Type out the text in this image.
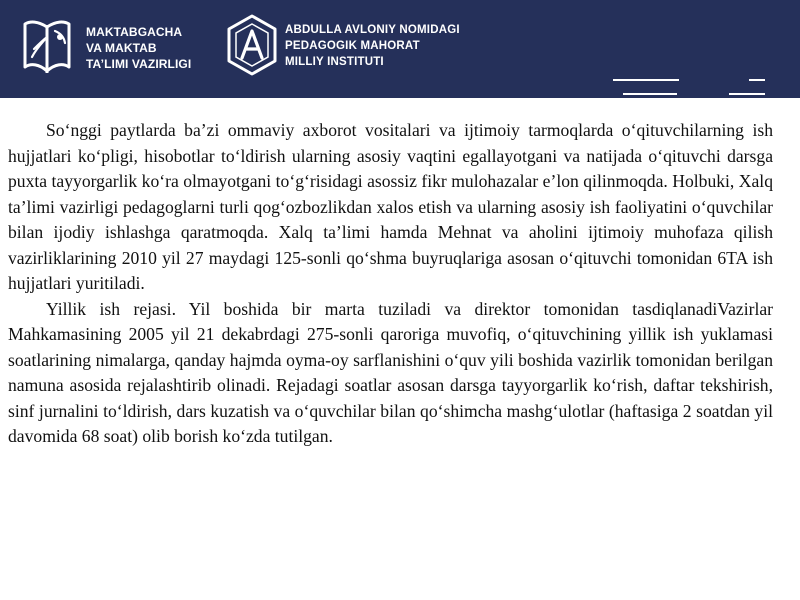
MAKTABGACHA
VA MAKTAB
TA’LIMI VAZIRLIGI
ABDULLA AVLONIY NOMIDAGI
PEDAGOGIK MAHORAT
MILLIY INSTITUTI

So‘nggi paytlarda ba’zi ommaviy axborot vositalari va ijtimoiy tarmoqlarda o‘qituvchilarning ish hujjatlari ko‘pligi, hisobotlar to‘ldirish ularning asosiy vaqtini egallayotgani va natijada o‘qituvchi darsga puxta tayyorgarlik ko‘ra olmayotgani to‘g‘risidagi asossiz fikr mulohazalar e’lon qilinmoqda. Holbuki, Xalq ta’limi vazirligi pedagoglarni turli qog‘ozbozlikdan xalos etish va ularning asosiy ish faoliyatini o‘quvchilar bilan ijodiy ishlashga qaratmoqda. Xalq ta’limi hamda Mehnat va aholini ijtimoiy muhofaza qilish vazirliklarining 2010 yil 27 maydagi 125-sonli qo‘shma buyruqlariga asosan o‘qituvchi tomonidan 6TA ish hujjatlari yuritiladi.

Yillik ish rejasi. Yil boshida bir marta tuziladi va direktor tomonidan tasdiqlanadiVazirlar Mahkamasining 2005 yil 21 dekabrdagi 275-sonli qaroriga muvofiq, o‘qituvchining yillik ish yuklamasi soatlarining nimalarga, qanday hajmda oyma-oy sarflanishini o‘quv yili boshida vazirlik tomonidan berilgan namuna asosida rejalashtirib olinadi. Rejadagi soatlar asosan darsga tayyorgarlik ko‘rish, daftar tekshirish, sinf jurnalini to‘ldirish, dars kuzatish va o‘quvchilar bilan qo‘shimcha mashg‘ulotlar (haftasiga 2 soatdan yil davomida 68 soat) olib borish ko‘zda tutilgan.
